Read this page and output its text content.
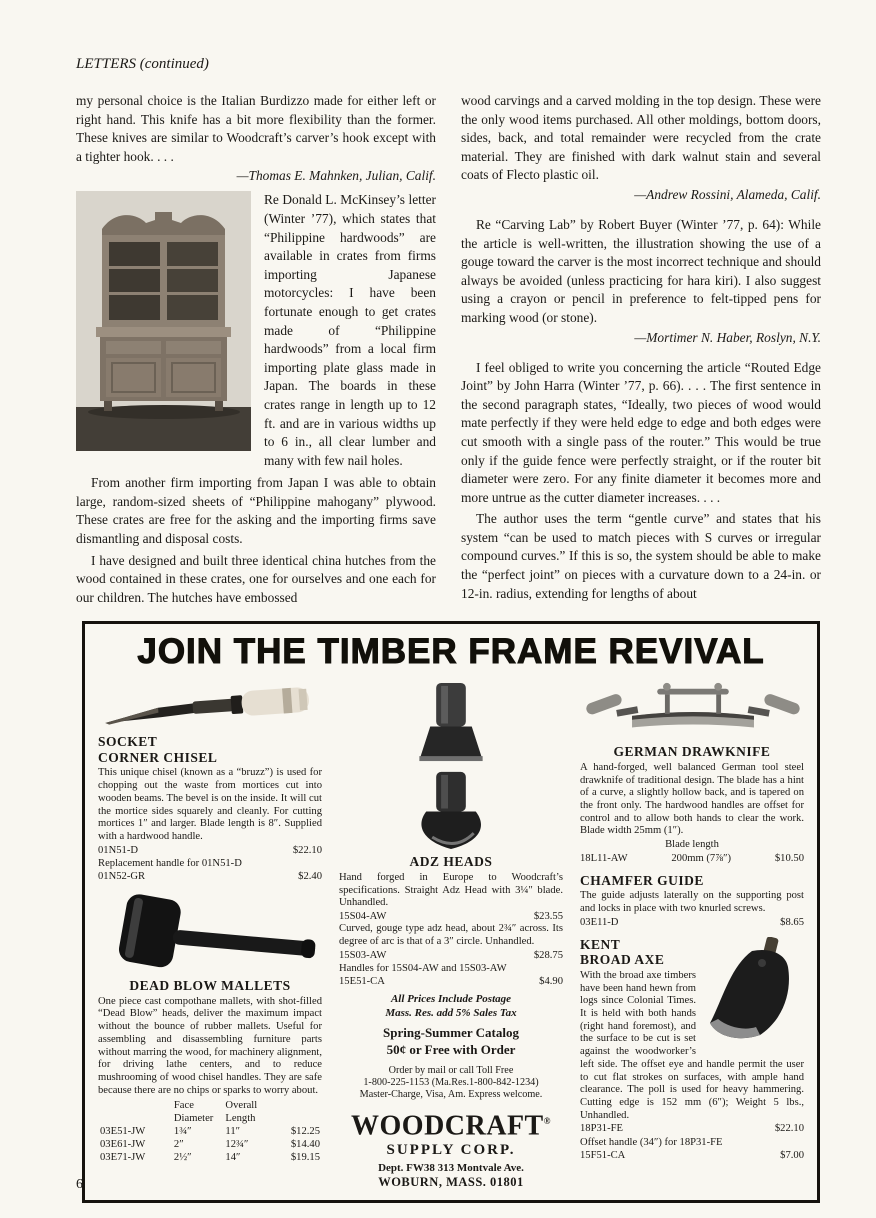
LETTERS (continued)

my personal choice is the Italian Burdizzo made for either left or right hand. This knife has a bit more flexibility than the former. These knives are similar to Woodcraft’s carver’s hook except with a tighter hook. . . .

—Thomas E. Mahnken, Julian, Calif.

Re Donald L. McKinsey’s letter (Winter ’77), which states that “Philippine hardwoods” are available in crates from firms importing Japanese motorcycles: I have been fortunate enough to get crates made of “Philippine hardwoods” from a local firm importing plate glass made in Japan. The boards in these crates range in length up to 12 ft. and are in various widths up to 6 in., all clear lumber and many with few nail holes.

From another firm importing from Japan I was able to obtain large, random-sized sheets of “Philippine mahogany” plywood. These crates are free for the asking and the importing firms save dismantling and disposal costs.

I have designed and built three identical china hutches from the wood contained in these crates, one for ourselves and one each for our children. The hutches have embossed

wood carvings and a carved molding in the top design. These were the only wood items purchased. All other moldings, bottom doors, sides, back, and total remainder were recycled from the crate material. They are finished with dark walnut stain and several coats of Flecto plastic oil.

—Andrew Rossini, Alameda, Calif.

Re “Carving Lab” by Robert Buyer (Winter ’77, p. 64): While the article is well-written, the illustration showing the use of a gouge toward the carver is the most incorrect technique and should always be avoided (unless practicing for hara kiri). I also suggest using a crayon or pencil in preference to felt-tipped pens for marking wood (or stone).

—Mortimer N. Haber, Roslyn, N.Y.

I feel obliged to write you concerning the article “Routed Edge Joint” by John Harra (Winter ’77, p. 66). . . . The first sentence in the second paragraph states, “Ideally, two pieces of wood would mate perfectly if they were held edge to edge and both edges were cut smooth with a single pass of the router.” This would be true only if the guide fence were perfectly straight, or if the router bit diameter were zero. For any finite diameter it becomes more and more untrue as the cutter diameter increases. . . .

The author uses the term “gentle curve” and states that his system “can be used to match pieces with S curves or irregular compound curves.” If this is so, the system should be able to make the “perfect joint” on pieces with a curvature down to a 24-in. or 12-in. radius, extending for lengths of about

JOIN THE TIMBER FRAME REVIVAL
SOCKET
CORNER CHISEL

This unique chisel (known as a “bruzz”) is used for chopping out the waste from mortices cut into wooden beams. The bevel is on the inside. It will cut the mortice sides squarely and cleanly. For cutting mortices 1″ and larger. Blade length is 8″. Supplied with a hardwood handle.

01N51-D	$22.10
Replacement handle for 01N51-D
01N52-GR	$2.40
DEAD BLOW MALLETS

One piece cast compothane mallets, with shot-filled “Dead Blow” heads, deliver the maximum impact without the bounce of rubber mallets. Useful for assembling and disassembling furniture parts without marring the wood, for machinery alignment, for driving lathe centers, and to reduce mushrooming of wood chisel handles. They are safe because there are no chips or sparks to worry about.

	Face	Overall	
	Diameter	Length	
03E51-JW	1¾″	11″	$12.25
03E61-JW	2″	12¾″	$14.40
03E71-JW	2½″	14″	$19.15
ADZ HEADS

Hand forged in Europe to Woodcraft’s specifications. Straight Adz Head with 3¼″ blade. Unhandled.

15S04-AW	$23.55

Curved, gouge type adz head, about 2¾″ across. Its degree of arc is that of a 3″ circle. Unhandled.

15S03-AW	$28.75
Handles for 15S04-AW and 15S03-AW
15E51-CA	$4.90
All Prices Include Postage
Mass. Res. add 5% Sales Tax
Spring-Summer Catalog
50¢ or Free with Order
Order by mail or call Toll Free
1-800-225-1153 (Ma.Res.1-800-842-1234)
Master-Charge, Visa, Am. Express welcome.
WOODCRAFT®
SUPPLY CORP.
Dept. FW38 313 Montvale Ave.
WOBURN, MASS. 01801
GERMAN DRAWKNIFE

A hand-forged, well balanced German tool steel drawknife of traditional design. The blade has a hint of a curve, a slightly hollow back, and is tapered on the front only. The hardwood handles are offset for control and to allow both hands to clear the work. Blade width 25mm (1″).

Blade length
18L11-AW	200mm (7⅞″)	$10.50
CHAMFER GUIDE

The guide adjusts laterally on the supporting post and locks in place with two knurled screws.

03E11-D	$8.65
KENT
BROAD AXE

With the broad axe timbers have been hand hewn from logs since Colonial Times. It is held with both hands (right hand foremost), and the surface to be cut is set against the woodworker’s left side. The offset eye and handle permit the user to cut flat strokes on surfaces, with ample hand clearance. The poll is used for heavy hammering. Cutting edge is 152 mm (6″); Weight 5 lbs., Unhandled.

18P31-FE	$22.10
Offset handle (34″) for 18P31-FE
15F51-CA	$7.00
6
